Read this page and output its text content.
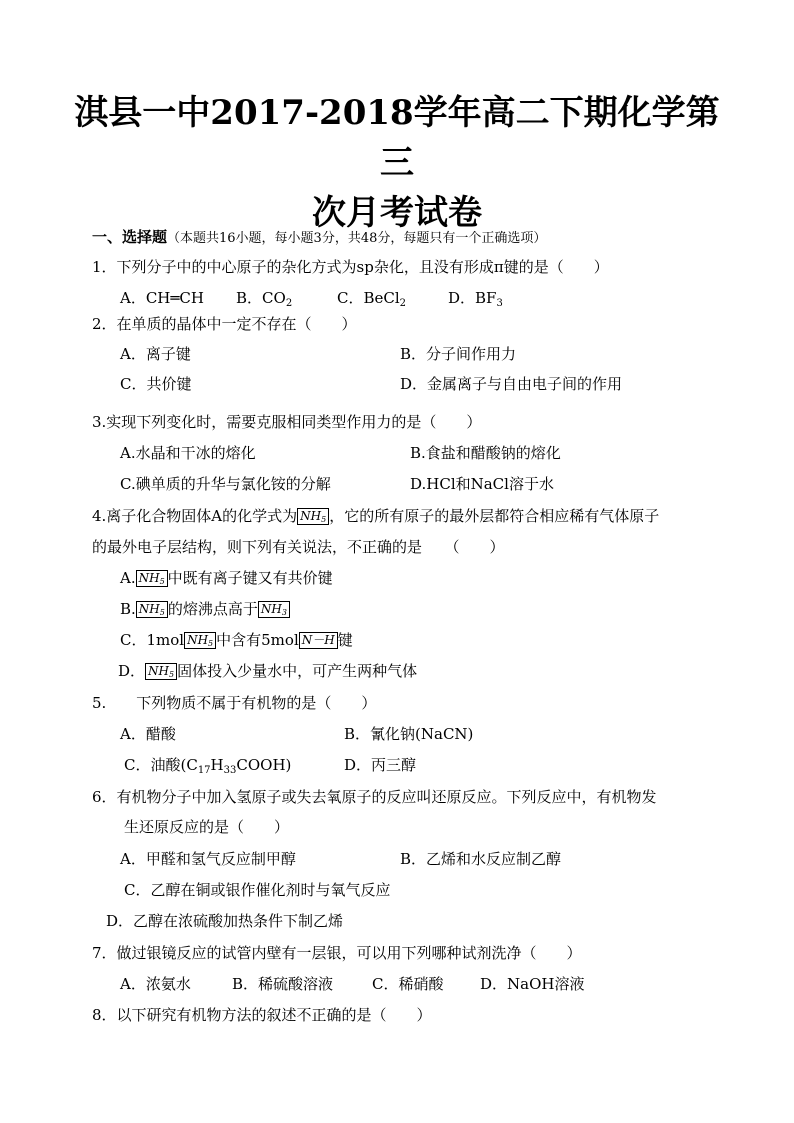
淇县一中2017-2018学年高二下期化学第三
次月考试卷
一、选择题（本题共16小题，每小题3分，共48分，每题只有一个正确选项）
1．下列分子中的中心原子的杂化方式为sp杂化，且没有形成π键的是（　　）
A．CH═CH B．$CO_2$	C．BeCl$_2$	D．$BF_3$
2．在单质的晶体中一定不存在（　　）
A．离子键	B．分子间作用力
C．共价键	D．金属离子与自由电子间的作用
3.实现下列变化时，需要克服相同类型作用力的是（　　）
A.水晶和干冰的熔化	B.食盐和醋酸钠的熔化
C.碘单质的升华与氯化铵的分解	D.HCl和NaCl溶于水
4.离子化合物固体A的化学式为 $NH_5$ ，它的所有原子的最外层都符合相应稀有气体原子
的最外电子层结构，则下列有关说法，不正确的是　　（　　）
A. $NH_5$ 中既有离子键又有共价键
B. $NH_5$ 的熔沸点高于 $NH_3$
C．1mol $NH_5$ 中含有5mol N－H 键
D． $NH_5$ 固体投入少量水中，可产生两种气体
5.　　下列物质不属于有机物的是（　　）
A．醋酸	B．氰化钠(NaCN)
C．油酸$(C_{17}H_{33}COOH)$	D．丙三醇
6．有机物分子中加入氢原子或失去氧原子的反应叫还原反应。下列反应中，有机物发
生还原反应的是（　　）
A．甲醛和氢气反应制甲醇	B．乙烯和水反应制乙醇
C．乙醇在铜或银作催化剂时与氧气反应
D．乙醇在浓硫酸加热条件下制乙烯
7．做过银镜反应的试管内壁有一层银，可以用下列哪种试剂洗净（　　）
A．浓氨水	B．稀硫酸溶液	C．稀硝酸 D．NaOH溶液
8．以下研究有机物方法的叙述不正确的是（　　）
